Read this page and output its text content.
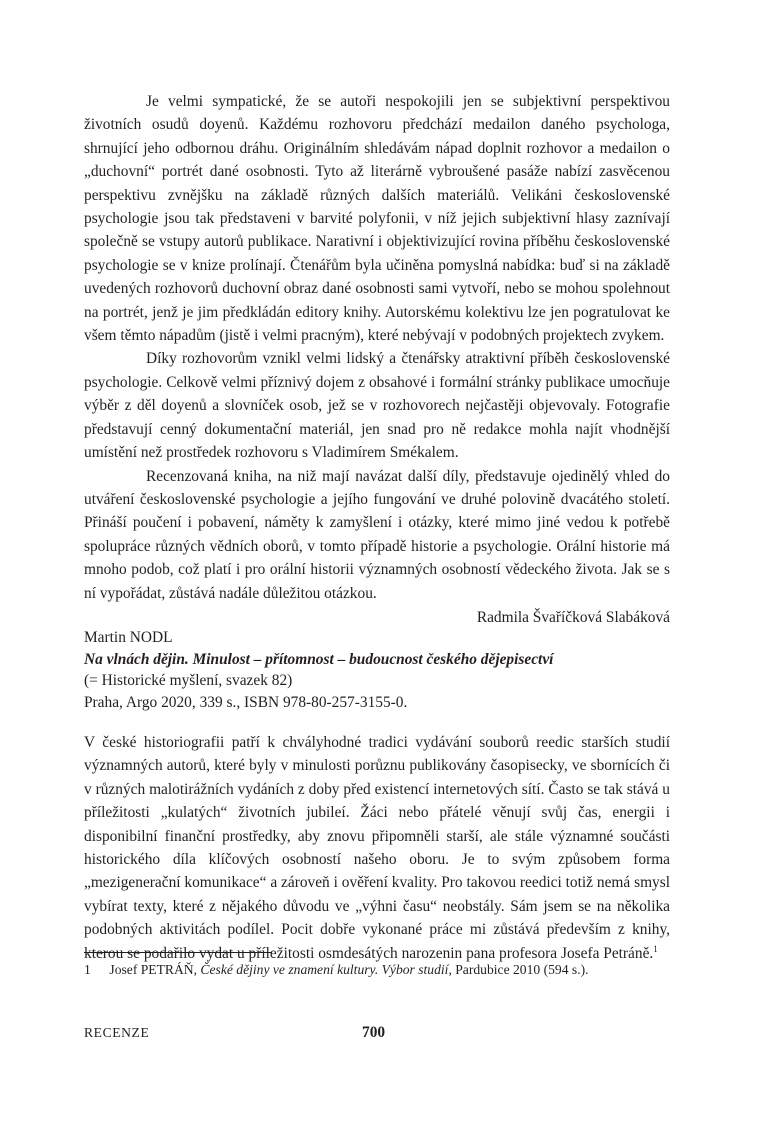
Je velmi sympatické, že se autoři nespokojili jen se subjektivní perspektivou životních osudů doyenů. Každému rozhovoru předchází medailon daného psychologa, shrnující jeho odbornou dráhu. Originálním shledávám nápad doplnit rozhovor a medailon o „duchovní“ portrét dané osobnosti. Tyto až literárně vybroušené pasáže nabízí zasvěcenou perspektivu zvnějšku na základě různých dalších materiálů. Velikáni československé psychologie jsou tak představeni v barvité polyfonii, v níž jejich subjektivní hlasy zaznívají společně se vstupy autorů publikace. Narativní i objektivizující rovina příběhu československé psychologie se v knize prolínají. Čtenářům byla učiněna pomyslná nabídka: buď si na základě uvedených rozhovorů duchovní obraz dané osobnosti sami vytvoří, nebo se mohou spolehnout na portrét, jenž je jim předkládán editory knihy. Autorskému kolektivu lze jen pogratulovat ke všem těmto nápadům (jistě i velmi pracným), které nebývají v podobných projektech zvykem.

Díky rozhovorům vznikl velmi lidský a čtenářsky atraktivní příběh československé psychologie. Celkově velmi příznivý dojem z obsahové i formální stránky publikace umocňuje výběr z děl doyenů a slovníček osob, jež se v rozhovorech nejčastěji objevovaly. Fotografie představují cenný dokumentační materiál, jen snad pro ně redakce mohla najít vhodnější umístění než prostředek rozhovoru s Vladimírem Smékalem.

Recenzovaná kniha, na niž mají navázat další díly, představuje ojedinělý vhled do utváření československé psychologie a jejího fungování ve druhé polovině dvacátého století. Přináší poučení i pobavení, náměty k zamyšlení i otázky, které mimo jiné vedou k potřebě spolupráce různých vědních oborů, v tomto případě historie a psychologie. Orální historie má mnoho podob, což platí i pro orální historii významných osobností vědeckého života. Jak se s ní vypořádat, zůstává nadále důležitou otázkou.

Radmila Švaříčková Slabáková

Martin NODL
Na vlnách dějin. Minulost – přítomnost – budoucnost českého dějepisectví
(= Historické myšlení, svazek 82)
Praha, Argo 2020, 339 s., ISBN 978-80-257-3155-0.

V české historiografii patří k chvályhodné tradici vydávání souborů reedic starších studií významných autorů, které byly v minulosti porůznu publikovány časopisecky, ve sbornících či v různých malotirážních vydáních z doby před existencí internetových sítí. Často se tak stává u příležitosti „kulatých“ životních jubileí. Žáci nebo přátelé věnují svůj čas, energii i disponibilní finanční prostředky, aby znovu připomněli starší, ale stále významné součásti historického díla klíčových osobností našeho oboru. Je to svým způsobem forma „mezigenerační komunikace“ a zároveň i ověření kvality. Pro takovou reedici totiž nemá smysl vybírat texty, které z nějakého důvodu ve „výhni času“ neobstály. Sám jsem se na několika podobných aktivitách podílel. Pocit dobře vykonané práce mi zůstává především z knihy, kterou se podařilo vydat u příležitosti osmdesátých narozenin pana profesora Josefa Petráně.$^1$

1 Josef PETRÁŇ, České dějiny ve znamení kultury. Výbor studií, Pardubice 2010 (594 s.).
RECENZE	700
